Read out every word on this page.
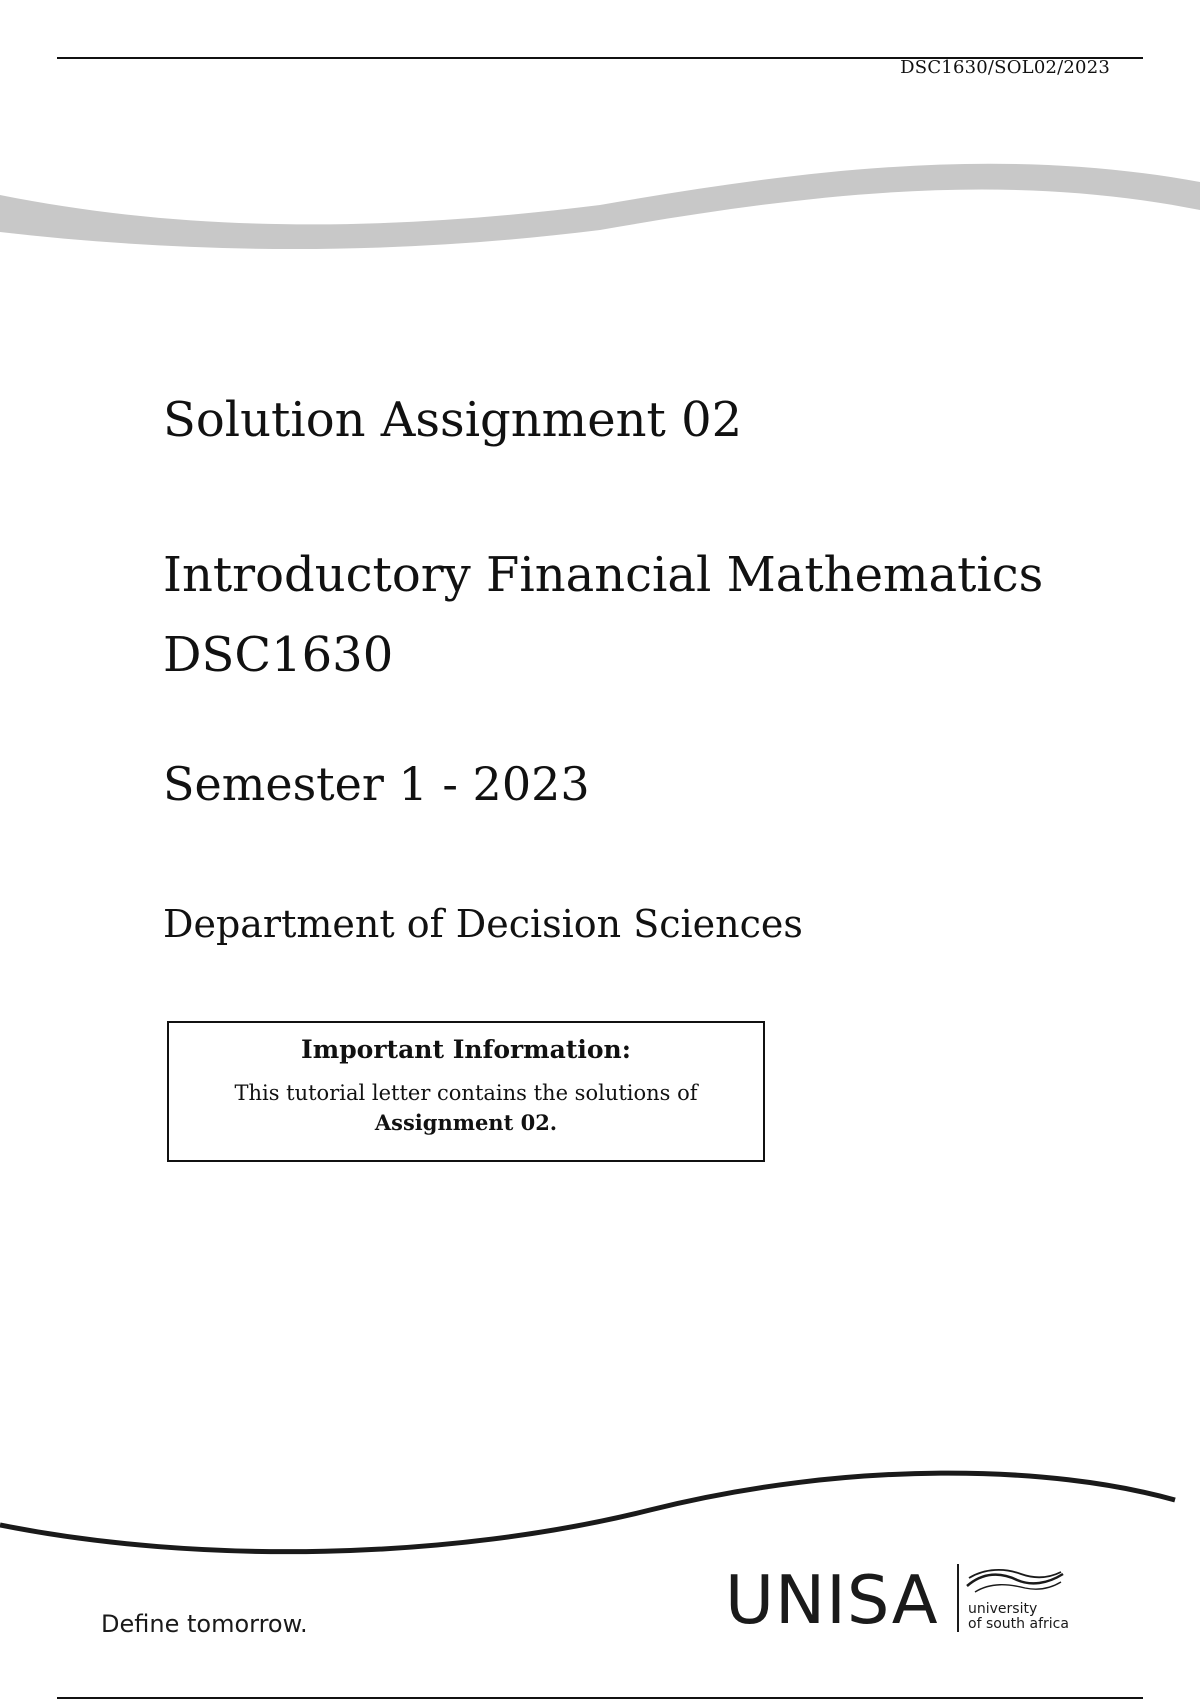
DSC1630/SOL02/2023
Solution Assignment 02
Introductory Financial Mathematics
DSC1630
Semester 1 - 2023
Department of Decision Sciences
Important Information:
This tutorial letter contains the solutions of
Assignment 02.
Define tomorrow.	UNISA university
of south africa
